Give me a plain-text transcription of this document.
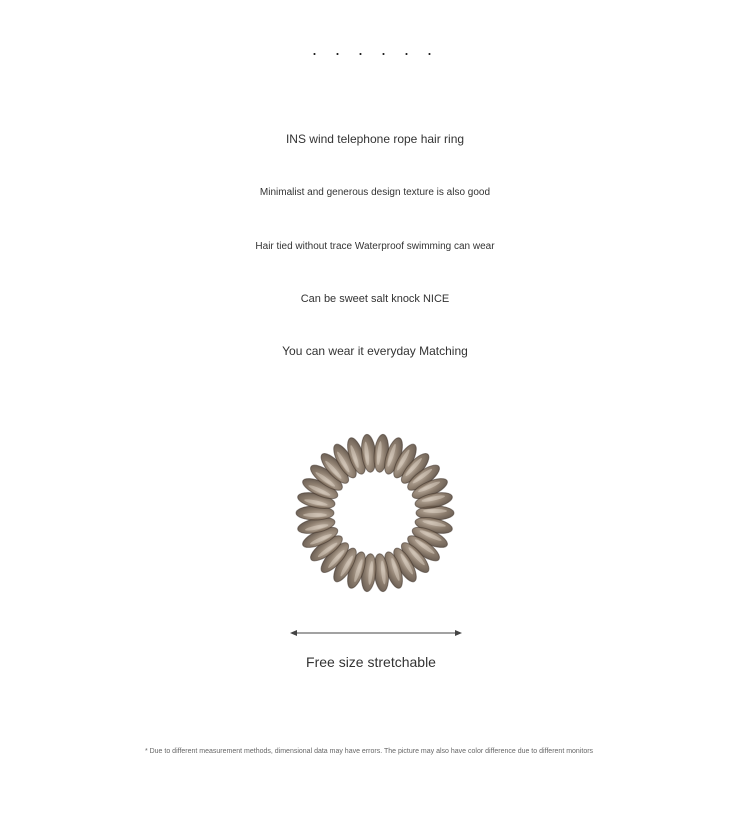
· · · · · ·
INS wind telephone rope hair ring
Minimalist and generous design texture is also good
Hair tied without trace Waterproof swimming can wear
Can be sweet salt knock NICE
You can wear it everyday Matching
Free size stretchable
* Due to different measurement methods, dimensional data may have errors. The picture may also have color difference due to different monitors
